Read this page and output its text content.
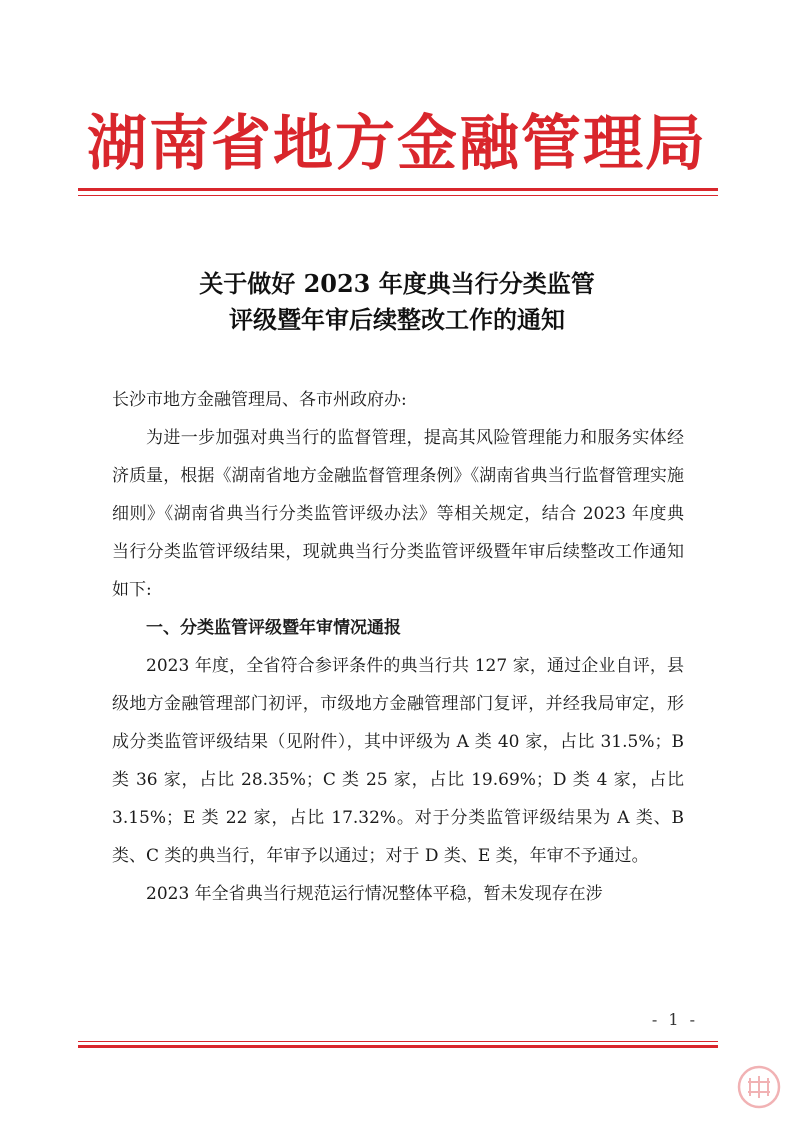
湖南省地方金融管理局
关于做好 2023 年度典当行分类监管
评级暨年审后续整改工作的通知

长沙市地方金融管理局、各市州政府办:

为进一步加强对典当行的监督管理，提高其风险管理能力和服务实体经济质量，根据《湖南省地方金融监督管理条例》《湖南省典当行监督管理实施细则》《湖南省典当行分类监管评级办法》等相关规定，结合 2023 年度典当行分类监管评级结果，现就典当行分类监管评级暨年审后续整改工作通知如下:

一、分类监管评级暨年审情况通报

2023 年度，全省符合参评条件的典当行共 127 家，通过企业自评，县级地方金融管理部门初评，市级地方金融管理部门复评，并经我局审定，形成分类监管评级结果（见附件），其中评级为 A 类 40 家，占比 31.5%；B 类 36 家，占比 28.35%；C 类 25 家，占比 19.69%；D 类 4 家，占比 3.15%；E 类 22 家，占比 17.32%。对于分类监管评级结果为 A 类、B 类、C 类的典当行，年审予以通过；对于 D 类、E 类，年审不予通过。

2023 年全省典当行规范运行情况整体平稳，暂未发现存在涉

- 1 -
